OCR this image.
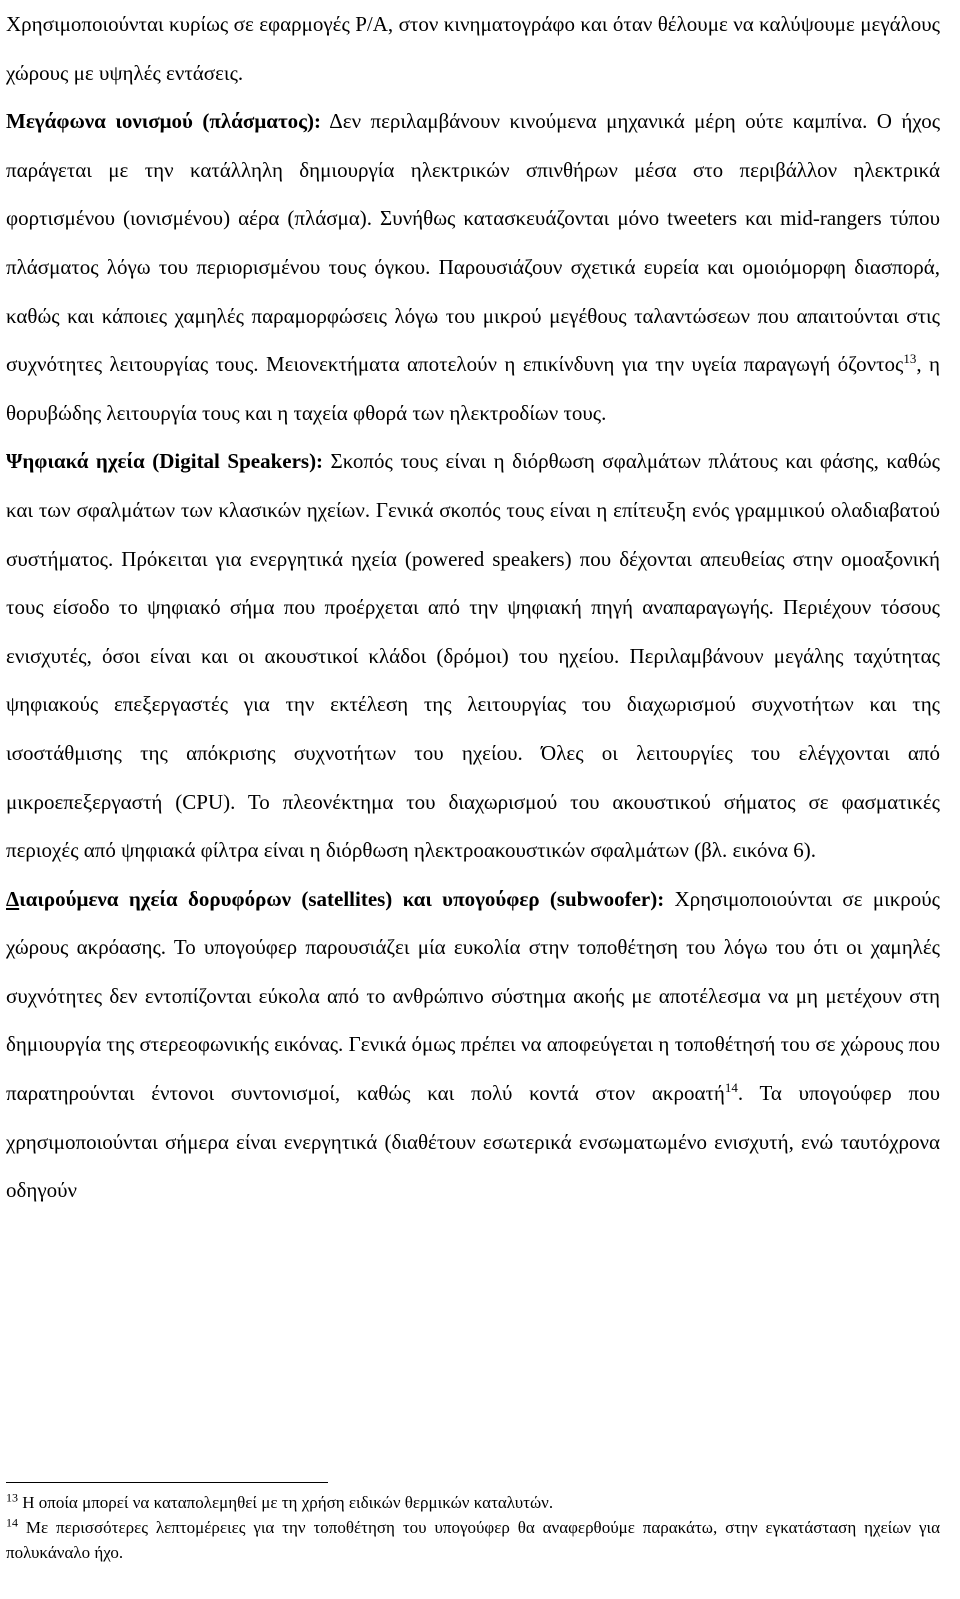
Χρησιμοποιούνται κυρίως σε εφαρμογές P/A, στον κινηματογράφο και όταν θέλουμε να καλύψουμε μεγάλους χώρους με υψηλές εντάσεις.

Μεγάφωνα ιονισμού (πλάσματος): Δεν περιλαμβάνουν κινούμενα μηχανικά μέρη ούτε καμπίνα. Ο ήχος παράγεται με την κατάλληλη δημιουργία ηλεκτρικών σπινθήρων μέσα στο περιβάλλον ηλεκτρικά φορτισμένου (ιονισμένου) αέρα (πλάσμα). Συνήθως κατασκευάζονται μόνο tweeters και mid-rangers τύπου πλάσματος λόγω του περιορισμένου τους όγκου. Παρουσιάζουν σχετικά ευρεία και ομοιόμορφη διασπορά, καθώς και κάποιες χαμηλές παραμορφώσεις λόγω του μικρού μεγέθους ταλαντώσεων που απαιτούνται στις συχνότητες λειτουργίας τους. Μειονεκτήματα αποτελούν η επικίνδυνη για την υγεία παραγωγή όζοντος$^{13}$, η θορυβώδης λειτουργία τους και η ταχεία φθορά των ηλεκτροδίων τους.

Ψηφιακά ηχεία (Digital Speakers): Σκοπός τους είναι η διόρθωση σφαλμάτων πλάτους και φάσης, καθώς και των σφαλμάτων των κλασικών ηχείων. Γενικά σκοπός τους είναι η επίτευξη ενός γραμμικού ολαδιαβατού συστήματος. Πρόκειται για ενεργητικά ηχεία (powered speakers) που δέχονται απευθείας στην ομοαξονική τους είσοδο το ψηφιακό σήμα που προέρχεται από την ψηφιακή πηγή αναπαραγωγής. Περιέχουν τόσους ενισχυτές, όσοι είναι και οι ακουστικοί κλάδοι (δρόμοι) του ηχείου. Περιλαμβάνουν μεγάλης ταχύτητας ψηφιακούς επεξεργαστές για την εκτέλεση της λειτουργίας του διαχωρισμού συχνοτήτων και της ισοστάθμισης της απόκρισης συχνοτήτων του ηχείου. Όλες οι λειτουργίες του ελέγχονται από μικροεπεξεργαστή (CPU). Το πλεονέκτημα του διαχωρισμού του ακουστικού σήματος σε φασματικές περιοχές από ψηφιακά φίλτρα είναι η διόρθωση ηλεκτροακουστικών σφαλμάτων (βλ. εικόνα 6).

Διαιρούμενα ηχεία δορυφόρων (satellites) και υπογούφερ (subwoofer): Χρησιμοποιούνται σε μικρούς χώρους ακρόασης. Το υπογούφερ παρουσιάζει μία ευκολία στην τοποθέτηση του λόγω του ότι οι χαμηλές συχνότητες δεν εντοπίζονται εύκολα από το ανθρώπινο σύστημα ακοής με αποτέλεσμα να μη μετέχουν στη δημιουργία της στερεοφωνικής εικόνας. Γενικά όμως πρέπει να αποφεύγεται η τοποθέτησή του σε χώρους που παρατηρούνται έντονοι συντονισμοί, καθώς και πολύ κοντά στον ακροατή$^{14}$. Τα υπογούφερ που χρησιμοποιούνται σήμερα είναι ενεργητικά (διαθέτουν εσωτερικά ενσωματωμένο ενισχυτή, ενώ ταυτόχρονα οδηγούν

$^{13}$ Η οποία μπορεί να καταπολεμηθεί με τη χρήση ειδικών θερμικών καταλυτών.

$^{14}$ Με περισσότερες λεπτομέρειες για την τοποθέτηση του υπογούφερ θα αναφερθούμε παρακάτω, στην εγκατάσταση ηχείων για πολυκάναλο ήχο.
